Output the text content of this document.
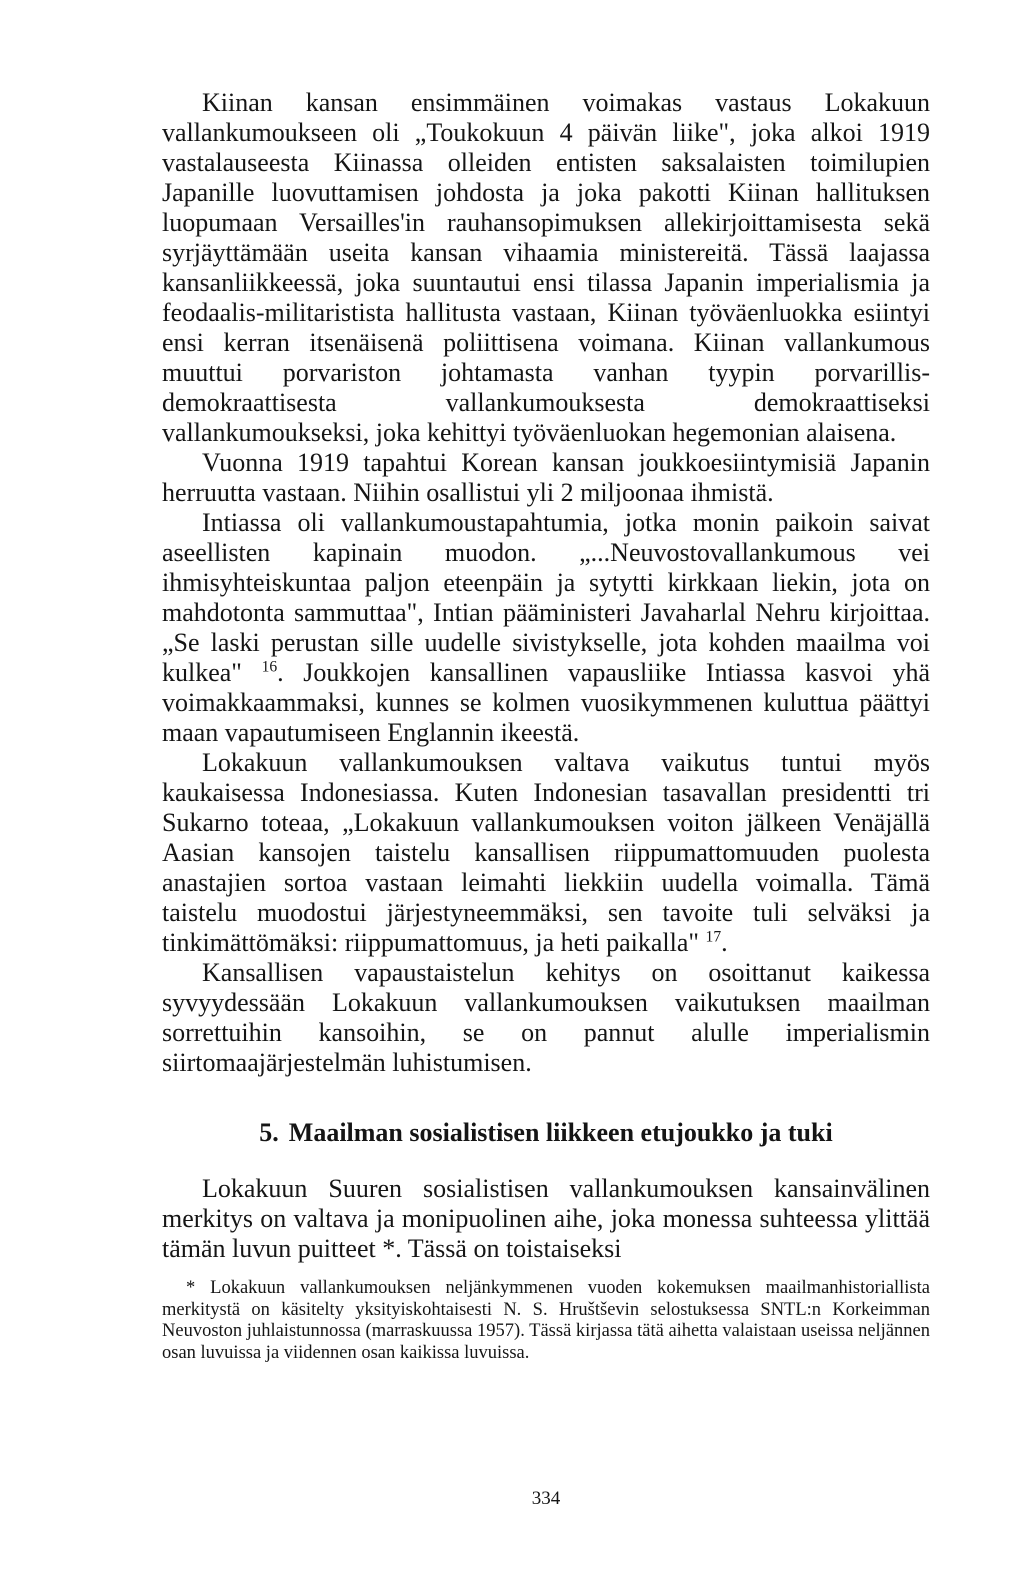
Kiinan kansan ensimmäinen voimakas vastaus Lokakuun vallankumoukseen oli „Toukokuun 4 päivän liike", joka alkoi 1919 vastalauseesta Kiinassa olleiden entisten saksalaisten toimilupien Japanille luovuttamisen johdosta ja joka pakotti Kiinan hallituksen luopumaan Versailles'in rauhansopimuksen allekirjoittamisesta sekä syrjäyttämään useita kansan vihaamia ministereitä. Tässä laajassa kansanliikkeessä, joka suuntautui ensi tilassa Japanin imperialismia ja feodaalis-militaristista hallitusta vastaan, Kiinan työväenluokka esiintyi ensi kerran itsenäisenä poliittisena voimana. Kiinan vallankumous muuttui porvariston johtamasta vanhan tyypin porvarillis-demokraattisesta vallankumouksesta demokraattiseksi vallankumoukseksi, joka kehittyi työväenluokan hegemonian alaisena.

Vuonna 1919 tapahtui Korean kansan joukkoesiintymisiä Japanin herruutta vastaan. Niihin osallistui yli 2 miljoonaa ihmistä.

Intiassa oli vallankumoustapahtumia, jotka monin paikoin saivat aseellisten kapinain muodon. „...Neuvostovallankumous vei ihmisyhteiskuntaa paljon eteenpäin ja sytytti kirkkaan liekin, jota on mahdotonta sammuttaa", Intian pääministeri Javaharlal Nehru kirjoittaa. „Se laski perustan sille uudelle sivistykselle, jota kohden maailma voi kulkea" $^{16}$. Joukkojen kansallinen vapausliike Intiassa kasvoi yhä voimakkaammaksi, kunnes se kolmen vuosikymmenen kuluttua päättyi maan vapautumiseen Englannin ikeestä.

Lokakuun vallankumouksen valtava vaikutus tuntui myös kaukaisessa Indonesiassa. Kuten Indonesian tasavallan presidentti tri Sukarno toteaa, „Lokakuun vallankumouksen voiton jälkeen Venäjällä Aasian kansojen taistelu kansallisen riippumattomuuden puolesta anastajien sortoa vastaan leimahti liekkiin uudella voimalla. Tämä taistelu muodostui järjestyneemmäksi, sen tavoite tuli selväksi ja tinkimättömäksi: riippumattomuus, ja heti paikalla" $^{17}$.

Kansallisen vapaustaistelun kehitys on osoittanut kaikessa syvyydessään Lokakuun vallankumouksen vaikutuksen maailman sorrettuihin kansoihin, se on pannut alulle imperialismin siirtomaajärjestelmän luhistumisen.

5. Maailman sosialistisen liikkeen etujoukko ja tuki

Lokakuun Suuren sosialistisen vallankumouksen kansainvälinen merkitys on valtava ja monipuolinen aihe, joka monessa suhteessa ylittää tämän luvun puitteet *. Tässä on toistaiseksi

* Lokakuun vallankumouksen neljänkymmenen vuoden kokemuksen maailmanhistoriallista merkitystä on käsitelty yksityiskohtaisesti N. S. Hruštševin selostuksessa SNTL:n Korkeimman Neuvoston juhlaistunnossa (marraskuussa 1957). Tässä kirjassa tätä aihetta valaistaan useissa neljännen osan luvuissa ja viidennen osan kaikissa luvuissa.

334
